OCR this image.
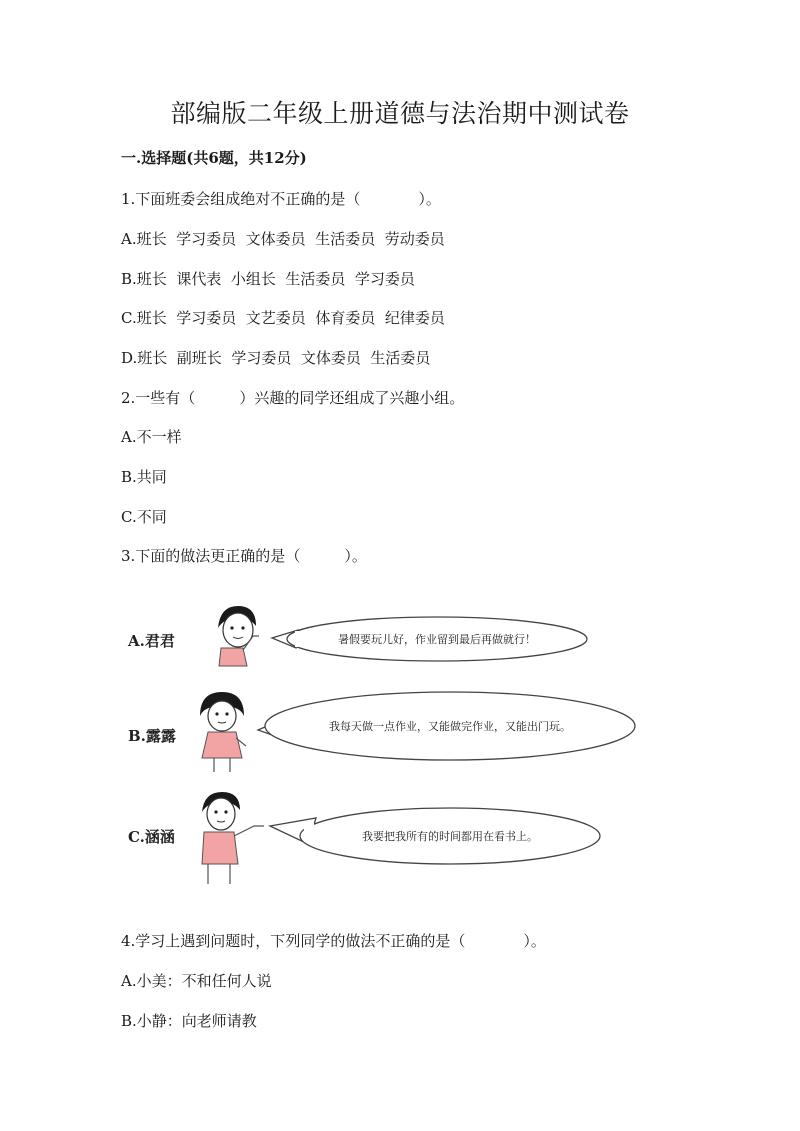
部编版二年级上册道德与法治期中测试卷
一.选择题(共6题，共12分)
1.下面班委会组成绝对不正确的是（	）。
A.班长  学习委员  文体委员  生活委员  劳动委员
B.班长  课代表  小组长  生活委员  学习委员
C.班长  学习委员  文艺委员  体育委员  纪律委员
D.班长  副班长  学习委员  文体委员  生活委员
2.一些有（	）兴趣的同学还组成了兴趣小组。
A.不一样
B.共同
C.不同
3.下面的做法更正确的是（	）。
A.君君	暑假要玩儿好，作业留到最后再做就行！
B.露露
我每天做一点作业，又能做完作业，又能出门玩。
C.涵涵	我要把我所有的时间都用在看书上。
4.学习上遇到问题时，下列同学的做法不正确的是（	）。
A.小美：不和任何人说
B.小静：向老师请教
